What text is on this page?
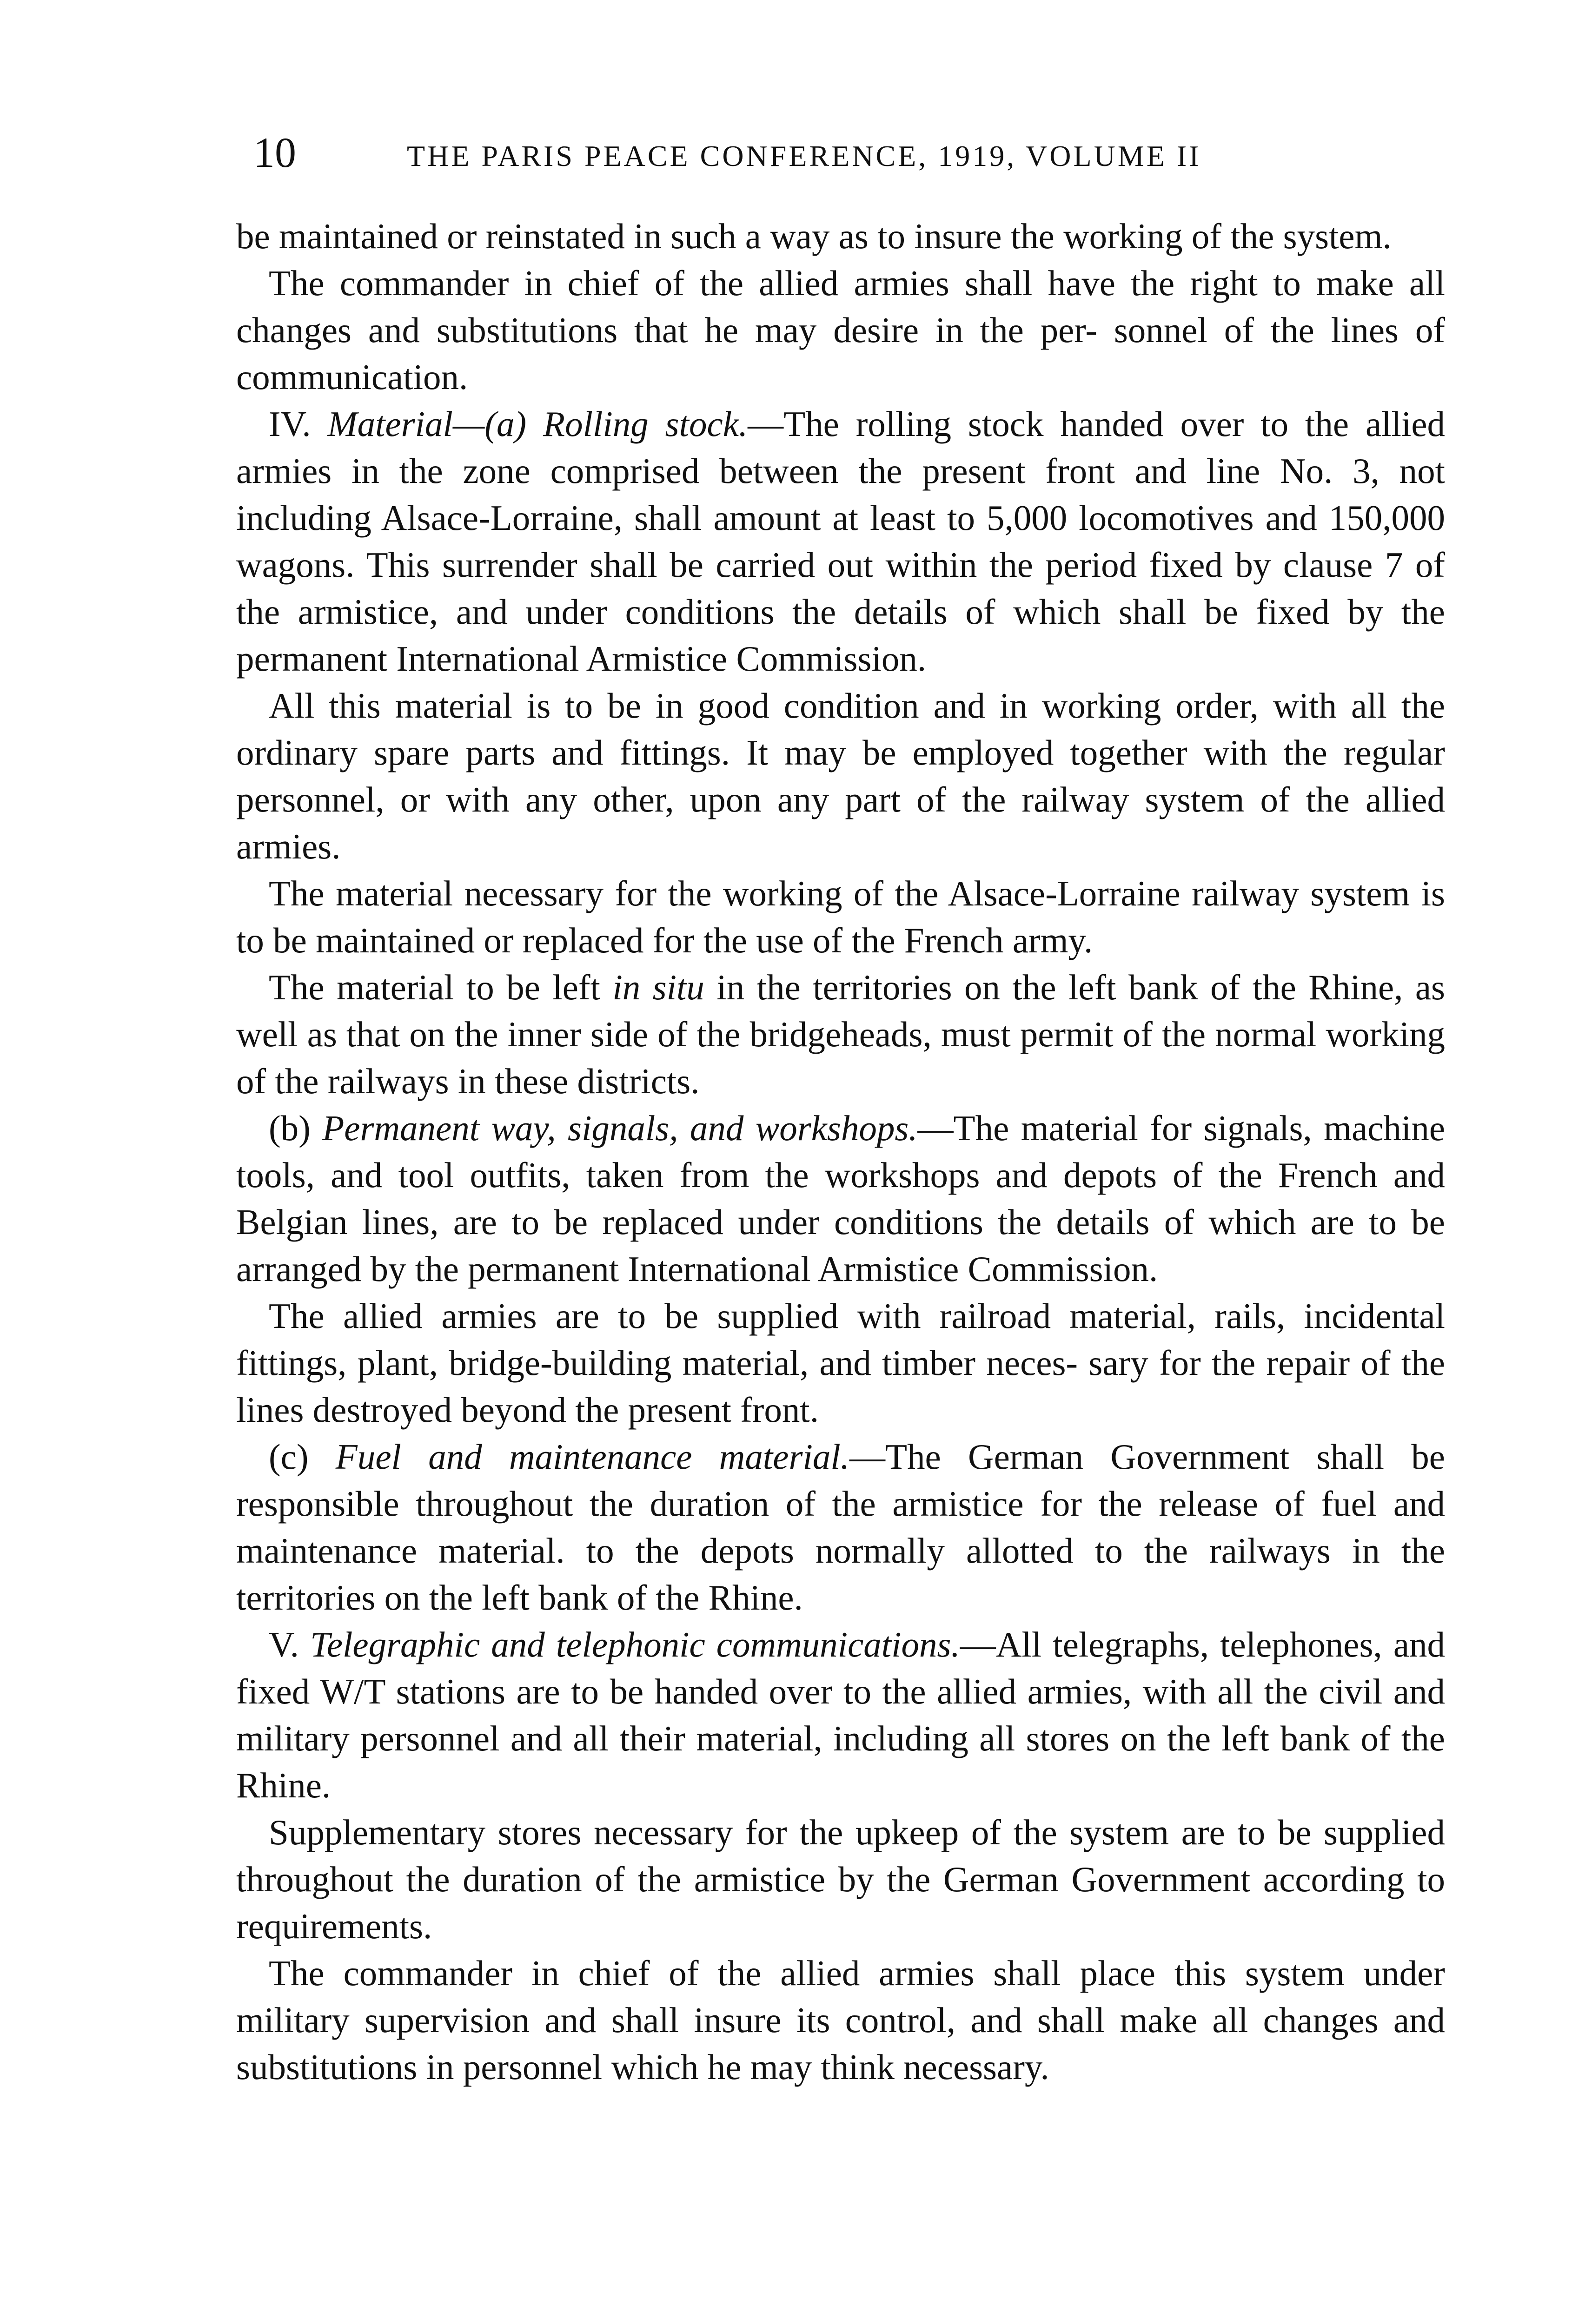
10	THE PARIS PEACE CONFERENCE, 1919, VOLUME II

be maintained or reinstated in such a way as to insure the working of the system.

The commander in chief of the allied armies shall have the right to make all changes and substitutions that he may desire in the per- sonnel of the lines of communication.

IV. Material—(a) Rolling stock.—The rolling stock handed over to the allied armies in the zone comprised between the present front and line No. 3, not including Alsace-Lorraine, shall amount at least to 5,000 locomotives and 150,000 wagons. This surrender shall be carried out within the period fixed by clause 7 of the armistice, and under conditions the details of which shall be fixed by the permanent International Armistice Commission.

All this material is to be in good condition and in working order, with all the ordinary spare parts and fittings. It may be employed together with the regular personnel, or with any other, upon any part of the railway system of the allied armies.

The material necessary for the working of the Alsace-Lorraine railway system is to be maintained or replaced for the use of the French army.

The material to be left in situ in the territories on the left bank of the Rhine, as well as that on the inner side of the bridgeheads, must permit of the normal working of the railways in these districts.

(b) Permanent way, signals, and workshops.—The material for signals, machine tools, and tool outfits, taken from the workshops and depots of the French and Belgian lines, are to be replaced under conditions the details of which are to be arranged by the permanent International Armistice Commission.

The allied armies are to be supplied with railroad material, rails, incidental fittings, plant, bridge-building material, and timber neces- sary for the repair of the lines destroyed beyond the present front.

(c) Fuel and maintenance material.—The German Government shall be responsible throughout the duration of the armistice for the release of fuel and maintenance material. to the depots normally allotted to the railways in the territories on the left bank of the Rhine.

V. Telegraphic and telephonic communications.—All telegraphs, telephones, and fixed W/T stations are to be handed over to the allied armies, with all the civil and military personnel and all their material, including all stores on the left bank of the Rhine.

Supplementary stores necessary for the upkeep of the system are to be supplied throughout the duration of the armistice by the German Government according to requirements.

The commander in chief of the allied armies shall place this system under military supervision and shall insure its control, and shall make all changes and substitutions in personnel which he may think necessary.
